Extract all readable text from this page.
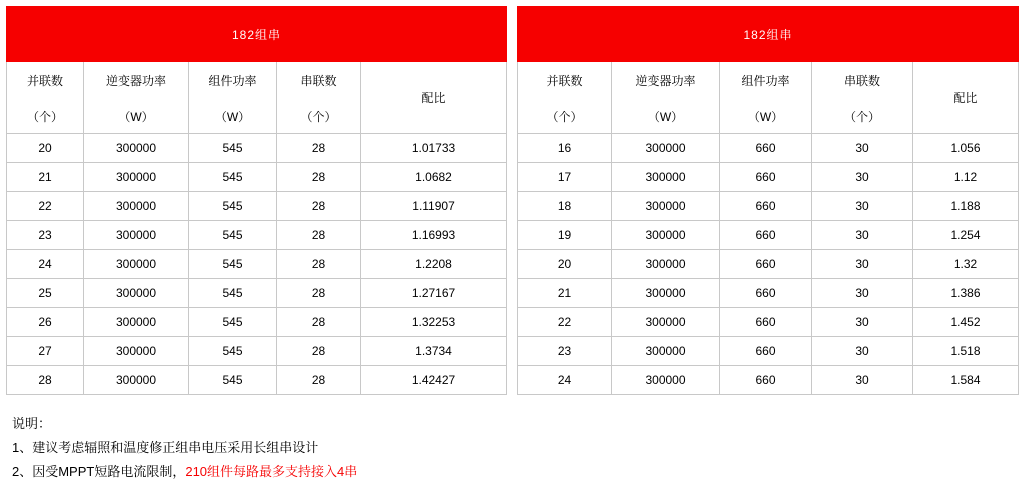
182组串				
并联数	逆变器功率	组件功率	串联数	配比
（个）	（W）	（W）	（个）	
20	300000	545	28	1.01733
21	300000	545	28	1.0682
22	300000	545	28	1.11907
23	300000	545	28	1.16993
24	300000	545	28	1.2208
25	300000	545	28	1.27167
26	300000	545	28	1.32253
27	300000	545	28	1.3734
28	300000	545	28	1.42427
182组串				
并联数	逆变器功率	组件功率	串联数	配比
（个）	（W）	（W）	（个）	
16	300000	660	30	1.056
17	300000	660	30	1.12
18	300000	660	30	1.188
19	300000	660	30	1.254
20	300000	660	30	1.32
21	300000	660	30	1.386
22	300000	660	30	1.452
23	300000	660	30	1.518
24	300000	660	30	1.584
说明：
1、建议考虑辐照和温度修正组串电压采用长组串设计
2、因受MPPT短路电流限制，210组件每路最多支持接入4串
